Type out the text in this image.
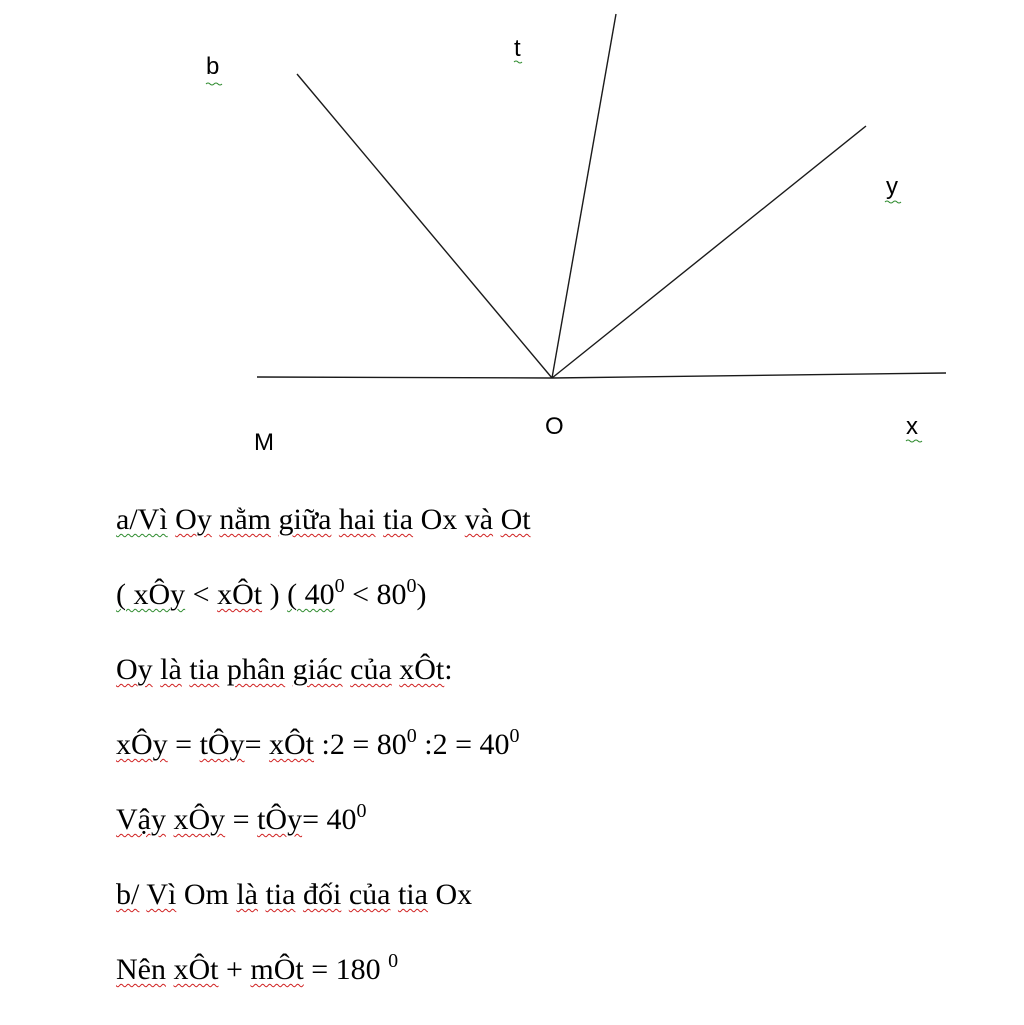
b
t
y
M
O	x
a/Vì Oy nằm giữa hai tia Ox và Ot
( xÔy < xÔt ) ( $40^0 < 80^0$)
Oy là tia phân giác của xÔt:
xÔy = tÔy= xÔt :2 = $80^0$ :2 = $40^0$
Vậy xÔy = tÔy= $40^0$
b/ Vì Om là tia đối của tia Ox
Nên xÔt + mÔt = 180 $^0$
